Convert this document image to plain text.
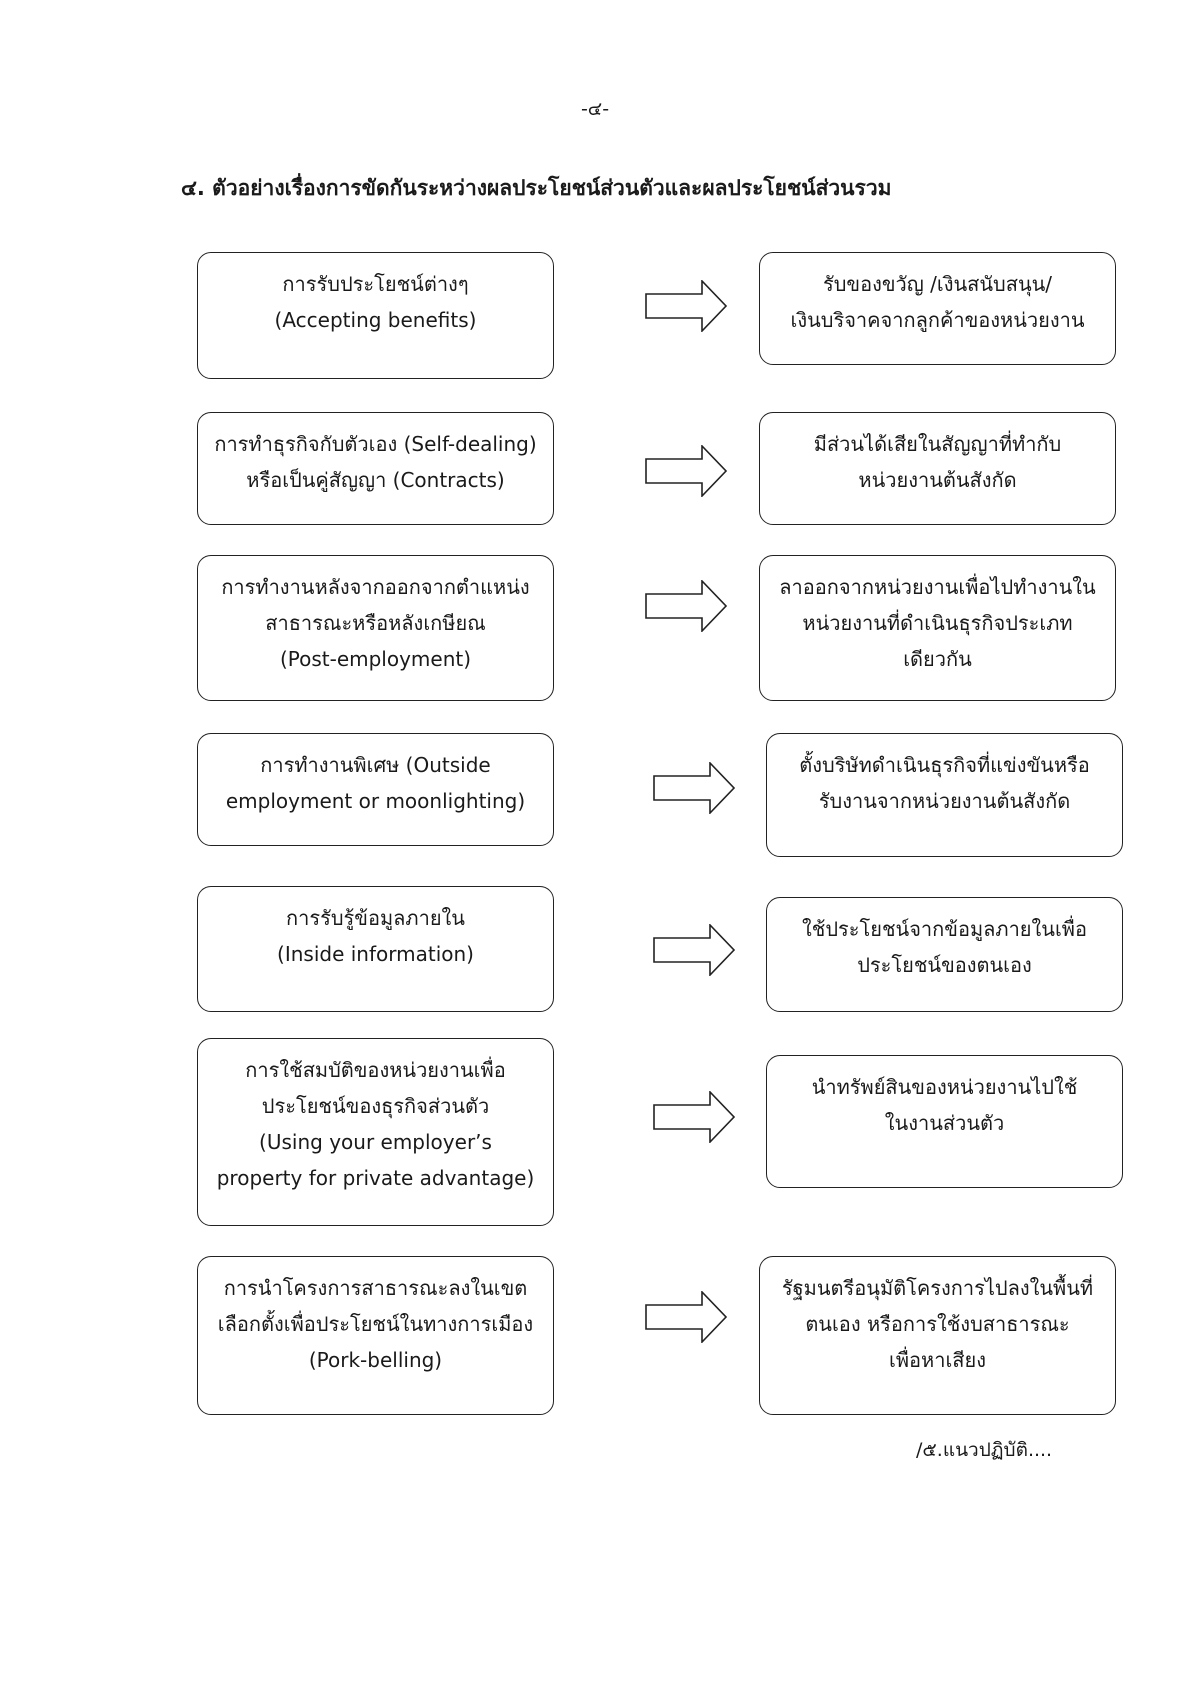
-๔-
๔. ตัวอย่างเรื่องการขัดกันระหว่างผลประโยชน์ส่วนตัวและผลประโยชน์ส่วนรวม
การรับประโยชน์ต่างๆ
(Accepting benefits)
รับของขวัญ /เงินสนับสนุน/
เงินบริจาคจากลูกค้าของหน่วยงาน
การทำธุรกิจกับตัวเอง (Self-dealing)
หรือเป็นคู่สัญญา (Contracts)
มีส่วนได้เสียในสัญญาที่ทำกับ
หน่วยงานต้นสังกัด
การทำงานหลังจากออกจากตำแหน่ง
สาธารณะหรือหลังเกษียณ
(Post-employment)
ลาออกจากหน่วยงานเพื่อไปทำงานใน
หน่วยงานที่ดำเนินธุรกิจประเภท
เดียวกัน
การทำงานพิเศษ (Outside
employment or moonlighting)
ตั้งบริษัทดำเนินธุรกิจที่แข่งขันหรือ
รับงานจากหน่วยงานต้นสังกัด
การรับรู้ข้อมูลภายใน
(Inside information)
ใช้ประโยชน์จากข้อมูลภายในเพื่อ
ประโยชน์ของตนเอง
การใช้สมบัติของหน่วยงานเพื่อ
ประโยชน์ของธุรกิจส่วนตัว
(Using your employer’s
property for private advantage)
นำทรัพย์สินของหน่วยงานไปใช้
ในงานส่วนตัว
การนำโครงการสาธารณะลงในเขต
เลือกตั้งเพื่อประโยชน์ในทางการเมือง
(Pork-belling)
รัฐมนตรีอนุมัติโครงการไปลงในพื้นที่
ตนเอง หรือการใช้งบสาธารณะ
เพื่อหาเสียง
/๕.แนวปฏิบัติ....
